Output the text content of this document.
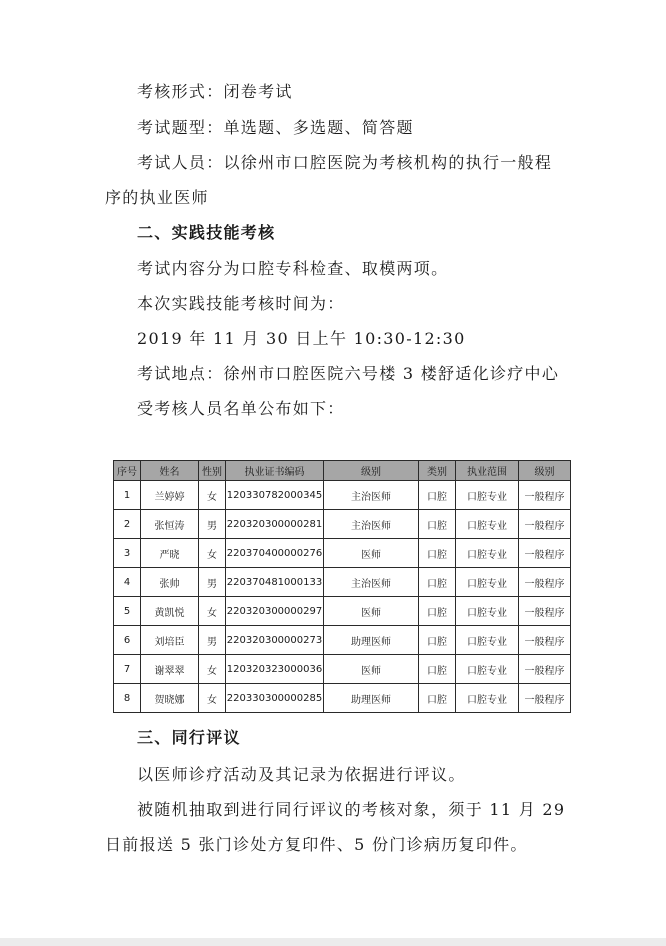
考核形式：闭卷考试
考试题型：单选题、多选题、简答题
考试人员：以徐州市口腔医院为考核机构的执行一般程
序的执业医师
二、实践技能考核
考试内容分为口腔专科检查、取模两项。
本次实践技能考核时间为：
2019 年 11 月 30 日上午 10:30-12:30
考试地点：徐州市口腔医院六号楼 3 楼舒适化诊疗中心
受考核人员名单公布如下：
序号	姓名	性别	执业证书编码	级别	类别	执业范围	级别
1	兰婷婷	女	120330782000345	主治医师	口腔	口腔专业	一般程序
2	张恒涛	男	220320300000281	主治医师	口腔	口腔专业	一般程序
3	严晓	女	220370400000276	医师	口腔	口腔专业	一般程序
4	张帅	男	220370481000133	主治医师	口腔	口腔专业	一般程序
5	黄凯悦	女	220320300000297	医师	口腔	口腔专业	一般程序
6	刘培臣	男	220320300000273	助理医师	口腔	口腔专业	一般程序
7	谢翠翠	女	120320323000036	医师	口腔	口腔专业	一般程序
8	贺晓娜	女	220330300000285	助理医师	口腔	口腔专业	一般程序
三、同行评议
以医师诊疗活动及其记录为依据进行评议。
被随机抽取到进行同行评议的考核对象，须于 11 月 29
日前报送 5 张门诊处方复印件、5 份门诊病历复印件。
